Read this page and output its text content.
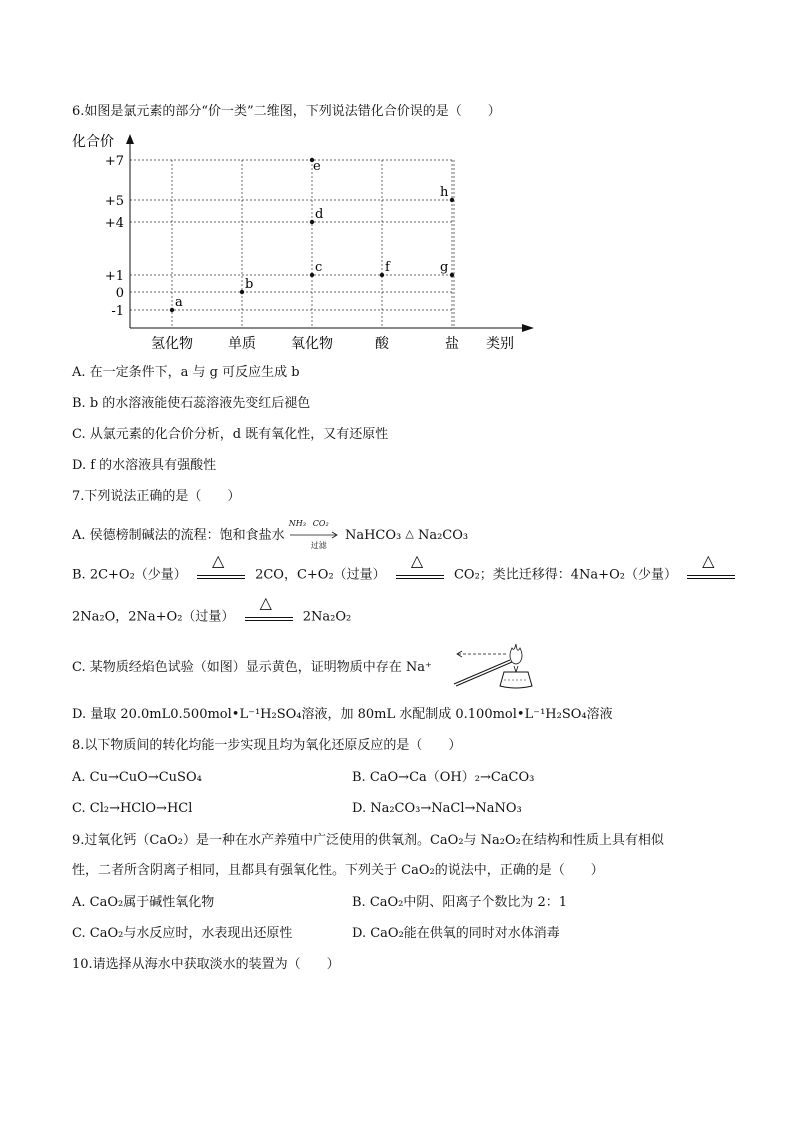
6.如图是氯元素的部分“价一类”二维图，下列说法错化合价误的是（　　）
化合价
+7
+5
+4
+1
0
-1
氢化物	单质	氧化物	酸	盐
a
b
c
d
e
f	g
h
类别
A. 在一定条件下，a 与 g 可反应生成 b
B. b 的水溶液能使石蕊溶液先变红后褪色
C. 从氯元素的化合价分析，d 既有氧化性，又有还原性
D. f 的水溶液具有强酸性
7.下列说法正确的是（　　）
A. 侯德榜制碱法的流程：饱和食盐水
NH₃ CO₂
过滤
NaHCO₃ △ Na₂CO₃
B. 2C+O₂（少量）
△
2CO，C+O₂（过量）
△
CO₂；类比迁移得：4Na+O₂（少量）
△
2Na₂O，2Na+O₂（过量）
△
2Na₂O₂
C. 某物质经焰色试验（如图）显示黄色，证明物质中存在 Na⁺
D. 量取 20.0mL0.500mol•L⁻¹H₂SO₄溶液，加 80mL 水配制成 0.100mol•L⁻¹H₂SO₄溶液
8.以下物质间的转化均能一步实现且均为氧化还原反应的是（　　）
A. Cu→CuO→CuSO₄	B. CaO→Ca（OH）₂→CaCO₃
C. Cl₂→HClO→HCl	D. Na₂CO₃→NaCl→NaNO₃
9.过氧化钙（CaO₂）是一种在水产养殖中广泛使用的供氧剂。CaO₂与 Na₂O₂在结构和性质上具有相似
性，二者所含阴离子相同，且都具有强氧化性。下列关于 CaO₂的说法中，正确的是（　　）
A. CaO₂属于碱性氧化物	B. CaO₂中阴、阳离子个数比为 2：1
C. CaO₂与水反应时，水表现出还原性	D. CaO₂能在供氧的同时对水体消毒
10.请选择从海水中获取淡水的装置为（　　）
